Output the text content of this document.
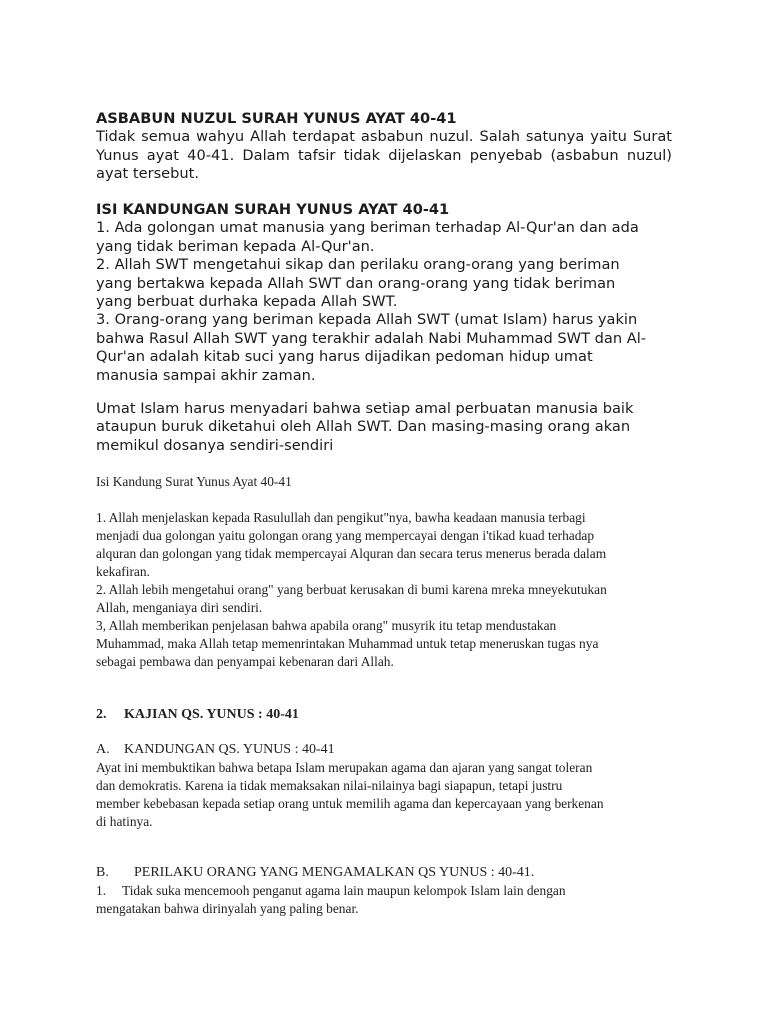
ASBABUN NUZUL SURAH YUNUS AYAT 40-41
Tidak semua wahyu Allah terdapat asbabun nuzul. Salah satunya yaitu Surat Yunus ayat 40-41. Dalam tafsir tidak dijelaskan penyebab (asbabun nuzul) ayat tersebut.
ISI KANDUNGAN SURAH YUNUS AYAT 40-41
1. Ada golongan umat manusia yang beriman terhadap Al-Qur'an dan ada
yang tidak beriman kepada Al-Qur'an.
2. Allah SWT mengetahui sikap dan perilaku orang-orang yang beriman
yang bertakwa kepada Allah SWT dan orang-orang yang tidak beriman
yang berbuat durhaka kepada Allah SWT.
3. Orang-orang yang beriman kepada Allah SWT (umat Islam) harus yakin
bahwa Rasul Allah SWT yang terakhir adalah Nabi Muhammad SWT dan Al-
Qur'an adalah kitab suci yang harus dijadikan pedoman hidup umat
manusia sampai akhir zaman.
Umat Islam harus menyadari bahwa setiap amal perbuatan manusia baik
ataupun buruk diketahui oleh Allah SWT. Dan masing-masing orang akan
memikul dosanya sendiri-sendiri
Isi Kandung Surat Yunus Ayat 40-41
1. Allah menjelaskan kepada Rasulullah dan pengikut"nya, bawha keadaan manusia terbagi
menjadi dua golongan yaitu golongan orang yang mempercayai dengan i'tikad kuad terhadap
alquran dan golongan yang tidak mempercayai Alquran dan secara terus menerus berada dalam
kekafiran.
2. Allah lebih mengetahui orang" yang berbuat kerusakan di bumi karena mreka mneyekutukan
Allah, menganiaya diri sendiri.
3, Allah memberikan penjelasan bahwa apabila orang" musyrik itu tetap mendustakan
Muhammad, maka Allah tetap memenrintakan Muhammad untuk tetap meneruskan tugas nya
sebagai pembawa dan penyampai kebenaran dari Allah.
2. KAJIAN QS. YUNUS : 40-41
A. KANDUNGAN QS. YUNUS : 40-41
Ayat ini membuktikan bahwa betapa Islam merupakan agama dan ajaran yang sangat toleran
dan demokratis. Karena ia tidak memaksakan nilai-nilainya bagi siapapun, tetapi justru
member kebebasan kepada setiap orang untuk memilih agama dan kepercayaan yang berkenan
di hatinya.
B. PERILAKU ORANG YANG MENGAMALKAN QS YUNUS : 40-41.
1. Tidak suka mencemooh penganut agama lain maupun kelompok Islam lain dengan
mengatakan bahwa dirinyalah yang paling benar.
